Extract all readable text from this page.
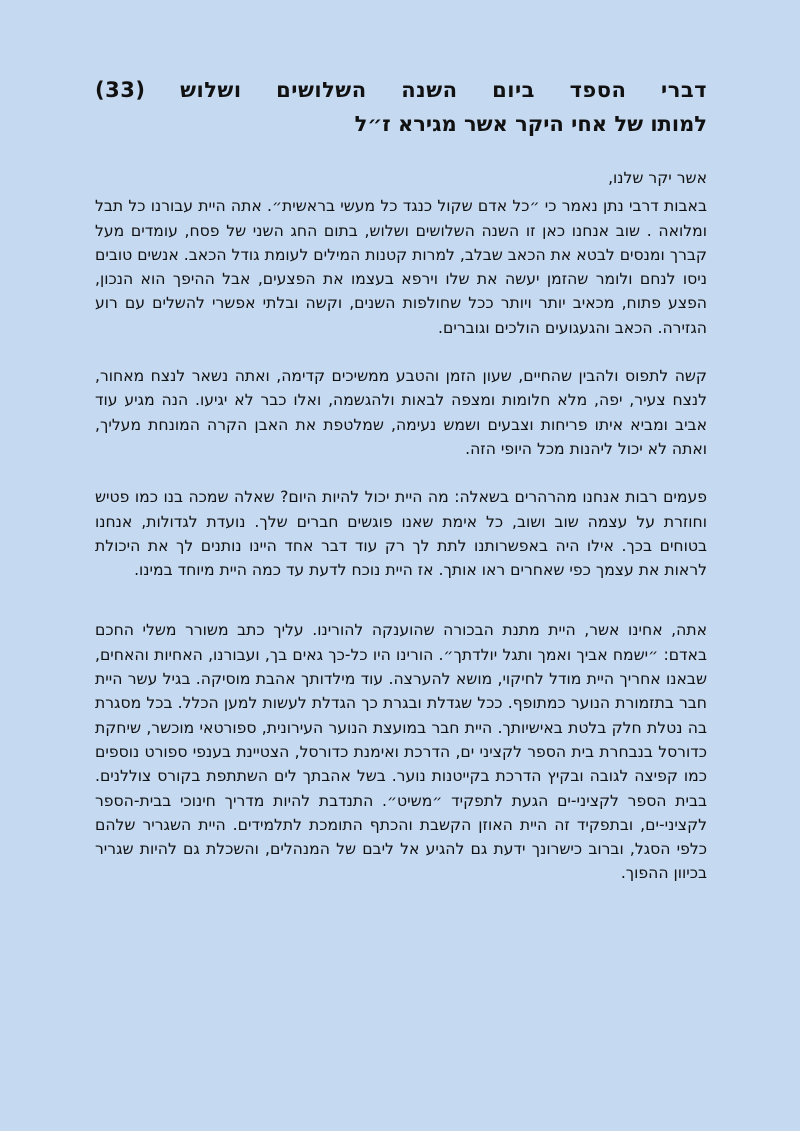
דברי
הספד
ביום
השנה
השלושים
ושלוש
(33)
למותו של אחי היקר אשר מגירא ז״ל

אשר יקר שלנו,

באבות דרבי נתן נאמר כי ״כל אדם שקול כנגד כל מעשי בראשית״. אתה היית עבורנו כל תבל ומלואה . שוב אנחנו כאן זו השנה השלושים ושלוש, בתום החג השני של פסח, עומדים מעל קברך ומנסים לבטא את הכאב שבלב, למרות קטנות המילים לעומת גודל הכאב. אנשים טובים ניסו לנחם ולומר שהזמן יעשה את שלו וירפא בעצמו את הפצעים, אבל ההיפך הוא הנכון, הפצע פתוח, מכאיב יותר ויותר ככל שחולפות השנים, וקשה ובלתי אפשרי להשלים עם רוע הגזירה. הכאב והגעגועים הולכים וגוברים.

קשה לתפוס ולהבין שהחיים, שעון הזמן והטבע ממשיכים קדימה, ואתה נשאר לנצח מאחור, לנצח צעיר, יפה, מלא חלומות ומצפה לבאות ולהגשמה, ואלו כבר לא יגיעו. הנה מגיע עוד אביב ומביא איתו פריחות וצבעים ושמש נעימה, שמלטפת את האבן הקרה המונחת מעליך, ואתה לא יכול ליהנות מכל היופי הזה.

פעמים רבות אנחנו מהרהרים בשאלה: מה היית יכול להיות היום? שאלה שמכה בנו כמו פטיש וחוזרת על עצמה שוב ושוב, כל אימת שאנו פוגשים חברים שלך. נועדת לגדולות, אנחנו בטוחים בכך. אילו היה באפשרותנו לתת לך רק עוד דבר אחד היינו נותנים לך את היכולת לראות את עצמך כפי שאחרים ראו אותך. אז היית נוכח לדעת עד כמה היית מיוחד במינו.

אתה, אחינו אשר, היית מתנת הבכורה שהוענקה להורינו. עליך כתב משורר משלי החכם באדם: ״ישמח אביך ואמך ותגל יולדתך״. הורינו היו כל-כך גאים בך, ועבורנו, האחיות והאחים, שבאנו אחריך היית מודל לחיקוי, מושא להערצה. עוד מילדותך אהבת מוסיקה. בגיל עשר היית חבר בתזמורת הנוער כמתופף. ככל שגדלת ובגרת כך הגדלת לעשות למען הכלל. בכל מסגרת בה נטלת חלק בלטת באישיותך. היית חבר במועצת הנוער העירונית, ספורטאי מוכשר, שיחקת כדורסל בנבחרת בית הספר לקציני ים, הדרכת ואימנת כדורסל, הצטיינת בענפי ספורט נוספים כמו קפיצה לגובה ובקיץ הדרכת בקייטנות נוער. בשל אהבתך לים השתתפת בקורס צוללנים. בבית הספר לקציני-ים הגעת לתפקיד ״משיט״. התנדבת להיות מדריך חינוכי בבית-הספר לקציני-ים, ובתפקיד זה היית האוזן הקשבת והכתף התומכת לתלמידים. היית השגריר שלהם כלפי הסגל, וברוב כישרונך ידעת גם להגיע אל ליבם של המנהלים, והשכלת גם להיות שגריר בכיוון ההפוך.
